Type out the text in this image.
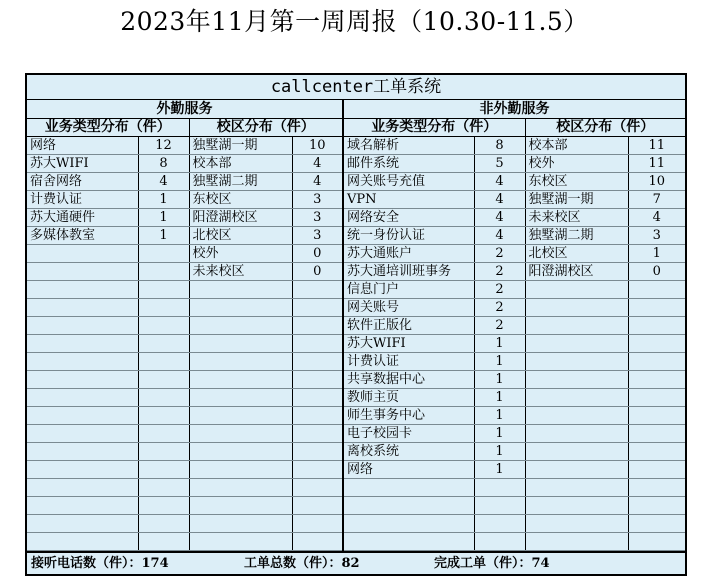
2023年11月第一周周报（10.30-11.5）
callcenter工单系统
外勤服务				非外勤服务			
业务类型分布（件）		校区分布（件）		业务类型分布（件）		校区分布（件）	
网络	12	独墅湖一期	10	域名解析	8	校本部	11
苏大WIFI	8	校本部	4	邮件系统	5	校外	11
宿舍网络	4	独墅湖二期	4	网关账号充值	4	东校区	10
计费认证	1	东校区	3	VPN	4	独墅湖一期	7
苏大通硬件	1	阳澄湖校区	3	网络安全	4	未来校区	4
多媒体教室	1	北校区	3	统一身份认证	4	独墅湖二期	3
		校外	0	苏大通账户	2	北校区	1
		未来校区	0	苏大通培训班事务	2	阳澄湖校区	0
				信息门户	2		
				网关账号	2		
				软件正版化	2		
				苏大WIFI	1		
				计费认证	1		
				共享数据中心	1		
				教师主页	1		
				师生事务中心	1		
				电子校园卡	1		
				离校系统	1		
				网络	1		

接听电话数（件）：174	工单总数（件）：82	完成工单（件）：74
